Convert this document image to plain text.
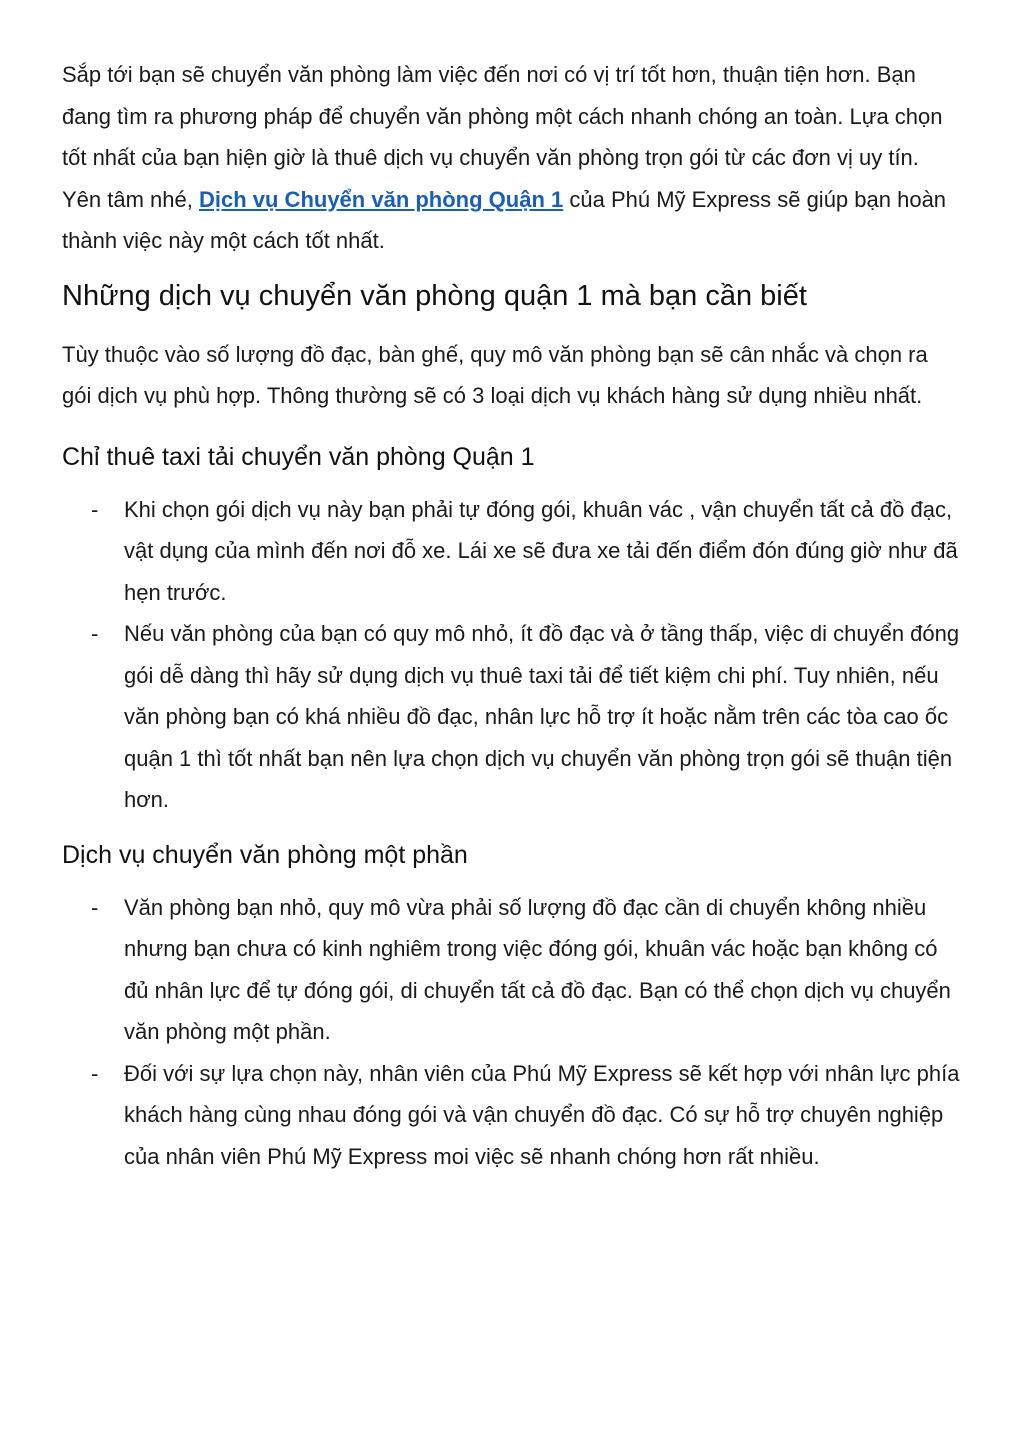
Sắp tới bạn sẽ chuyển văn phòng làm việc đến nơi có vị trí tốt hơn, thuận tiện hơn. Bạn đang tìm ra phương pháp để chuyển văn phòng một cách nhanh chóng an toàn. Lựa chọn tốt nhất của bạn hiện giờ là thuê dịch vụ chuyển văn phòng trọn gói từ các đơn vị uy tín. Yên tâm nhé, Dịch vụ Chuyển văn phòng Quận 1 của Phú Mỹ Express sẽ giúp bạn hoàn thành việc này một cách tốt nhất.

Những dịch vụ chuyển văn phòng quận 1 mà bạn cần biết

Tùy thuộc vào số lượng đồ đạc, bàn ghế, quy mô văn phòng bạn sẽ cân nhắc và chọn ra gói dịch vụ phù hợp. Thông thường sẽ có 3 loại dịch vụ khách hàng sử dụng nhiều nhất.

Chỉ thuê taxi tải chuyển văn phòng Quận 1
- Khi chọn gói dịch vụ này bạn phải tự đóng gói, khuân vác , vận chuyển tất cả đồ đạc, vật dụng của mình đến nơi đỗ xe. Lái xe sẽ đưa xe tải đến điểm đón đúng giờ như đã hẹn trước.
- Nếu văn phòng của bạn có quy mô nhỏ, ít đồ đạc và ở tầng thấp, việc di chuyển đóng gói dễ dàng thì hãy sử dụng dịch vụ thuê taxi tải để tiết kiệm chi phí. Tuy nhiên, nếu văn phòng bạn có khá nhiều đồ đạc, nhân lực hỗ trợ ít hoặc nằm trên các tòa cao ốc quận 1 thì tốt nhất bạn nên lựa chọn dịch vụ chuyển văn phòng trọn gói sẽ thuận tiện hơn.
Dịch vụ chuyển văn phòng một phần
- Văn phòng bạn nhỏ, quy mô vừa phải số lượng đồ đạc cần di chuyển không nhiều nhưng bạn chưa có kinh nghiêm trong việc đóng gói, khuân vác hoặc bạn không có đủ nhân lực để tự đóng gói, di chuyển tất cả đồ đạc. Bạn có thể chọn dịch vụ chuyển văn phòng một phần.
- Đối với sự lựa chọn này, nhân viên của Phú Mỹ Express sẽ kết hợp với nhân lực phía khách hàng cùng nhau đóng gói và vận chuyển đồ đạc. Có sự hỗ trợ chuyên nghiệp của nhân viên Phú Mỹ Express moi việc sẽ nhanh chóng hơn rất nhiều.
